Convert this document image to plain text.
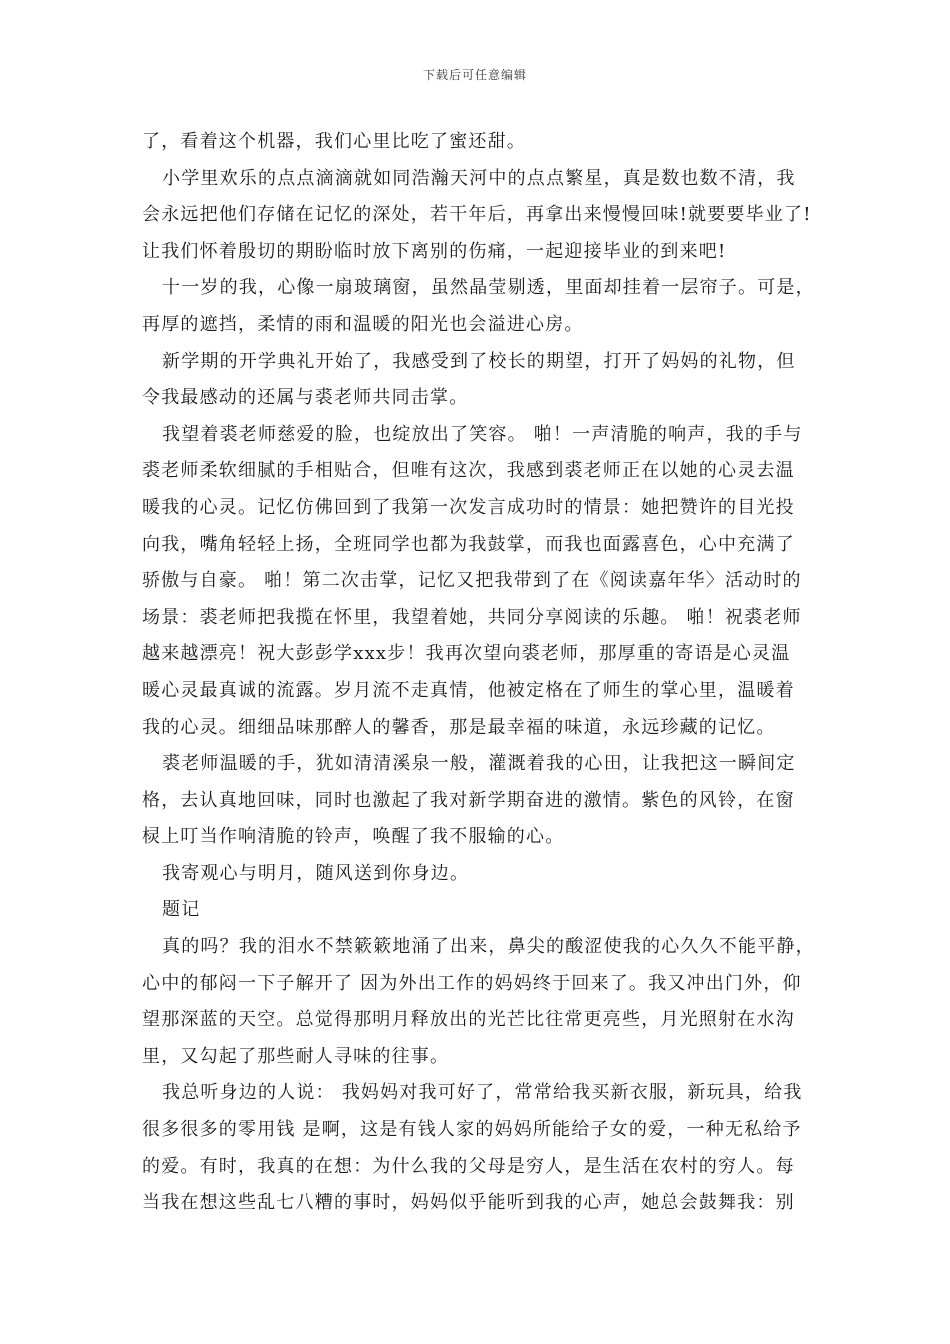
下载后可任意编辑
了，看着这个机器，我们心里比吃了蜜还甜。
小学里欢乐的点点滴滴就如同浩瀚天河中的点点繁星，真是数也数不清，我
会永远把他们存储在记忆的深处，若干年后，再拿出来慢慢回味!就要要毕业了!
让我们怀着殷切的期盼临时放下离别的伤痛，一起迎接毕业的到来吧!
十一岁的我，心像一扇玻璃窗，虽然晶莹剔透，里面却挂着一层帘子。可是，
再厚的遮挡，柔情的雨和温暖的阳光也会溢进心房。
新学期的开学典礼开始了，我感受到了校长的期望，打开了妈妈的礼物，但
令我最感动的还属与裘老师共同击掌。
我望着裘老师慈爱的脸，也绽放出了笑容。 啪！一声清脆的响声，我的手与
裘老师柔软细腻的手相贴合，但唯有这次，我感到裘老师正在以她的心灵去温
暖我的心灵。记忆仿佛回到了我第一次发言成功时的情景：她把赞许的目光投
向我，嘴角轻轻上扬，全班同学也都为我鼓掌，而我也面露喜色，心中充满了
骄傲与自豪。 啪！第二次击掌，记忆又把我带到了在《阅读嘉年华〉活动时的
场景：裘老师把我揽在怀里，我望着她，共同分享阅读的乐趣。 啪！祝裘老师
越来越漂亮！祝大彭彭学xxx步！我再次望向裘老师，那厚重的寄语是心灵温
暖心灵最真诚的流露。岁月流不走真情，他被定格在了师生的掌心里，温暖着
我的心灵。细细品味那醉人的馨香，那是最幸福的味道，永远珍藏的记忆。
裘老师温暖的手，犹如清清溪泉一般，灌溉着我的心田，让我把这一瞬间定
格，去认真地回味，同时也激起了我对新学期奋进的激情。紫色的风铃，在窗
棂上叮当作响清脆的铃声，唤醒了我不服输的心。
我寄观心与明月，随风送到你身边。
题记
真的吗？我的泪水不禁簌簌地涌了出来，鼻尖的酸涩使我的心久久不能平静，
心中的郁闷一下子解开了 因为外出工作的妈妈终于回来了。我又冲出门外，仰
望那深蓝的天空。总觉得那明月释放出的光芒比往常更亮些，月光照射在水沟
里，又勾起了那些耐人寻味的往事。
我总听身边的人说： 我妈妈对我可好了，常常给我买新衣服，新玩具，给我
很多很多的零用钱 是啊，这是有钱人家的妈妈所能给子女的爱，一种无私给予
的爱。有时，我真的在想：为什么我的父母是穷人，是生活在农村的穷人。每
当我在想这些乱七八糟的事时，妈妈似乎能听到我的心声，她总会鼓舞我：别
